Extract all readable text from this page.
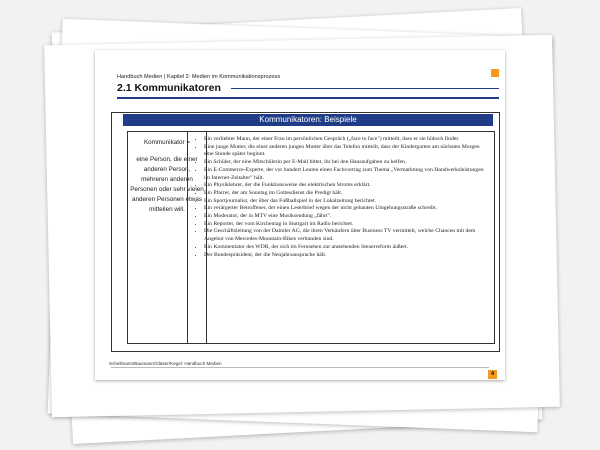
Handbuch Medien | Kapitel 2: Medien im Kommunikationsprozess
2.1 Kommunikatoren
Kommunikatoren: Beispiele
Kommunikator =
eine Person, die einer anderen Person, mehreren anderen Personen oder sehr vielen anderen Personen etwas mitteilen will.
• Ein verliebter Mann, der einer Frau im persönlichen Gespräch („face to face") mitteilt, dass er sie hübsch findet.
• Eine junge Mutter, die einer anderen jungen Mutter über das Telefon mitteilt, dass der Kindergarten am nächsten Morgen eine Stunde später beginnt.
• Ein Schüler, der eine Mitschülerin per E-Mail bittet, ihr bei den Hausaufgaben zu helfen.
• Ein E-Commerce-Experte, der vor hundert Leuten einen Fachvortrag zum Thema „Vermarktung von Handwerksleistungen im Internet-Zeitalter" hält.
• Ein Physiklehrer, der die Funktionsweise des elektrischen Stroms erklärt.
• Ein Pfarrer, der am Sonntag im Gottesdienst die Predigt hält.
• Ein Sportjournalist, der über das Fußballspiel in der Lokalzeitung berichtet.
• Ein verärgerter Betroffener, der einen Leserbrief wegen der nicht gebauten Umgehungsstraße schreibt.
• Ein Moderator, der in MTV eine Musiksendung „fährt".
• Ein Reporter, der vom Kirchentag in Stuttgart im Radio berichtet.
• Die Geschäftsleitung von der Daimler AG, die ihren Verkäufern über Business TV vermittelt, welche Chancen mit dem Angebot von Mercedes-Mountain-Bikes verbunden sind.
• Ein Kommentator des WDR, der sich im Fernsehen zur anstehenden Steuerreform äußert.
• Der Bundespräsident, der die Neujahrsansprache hält.
Schellmann/Baumann/Gläser/Kegel: Handbuch Medien
4
